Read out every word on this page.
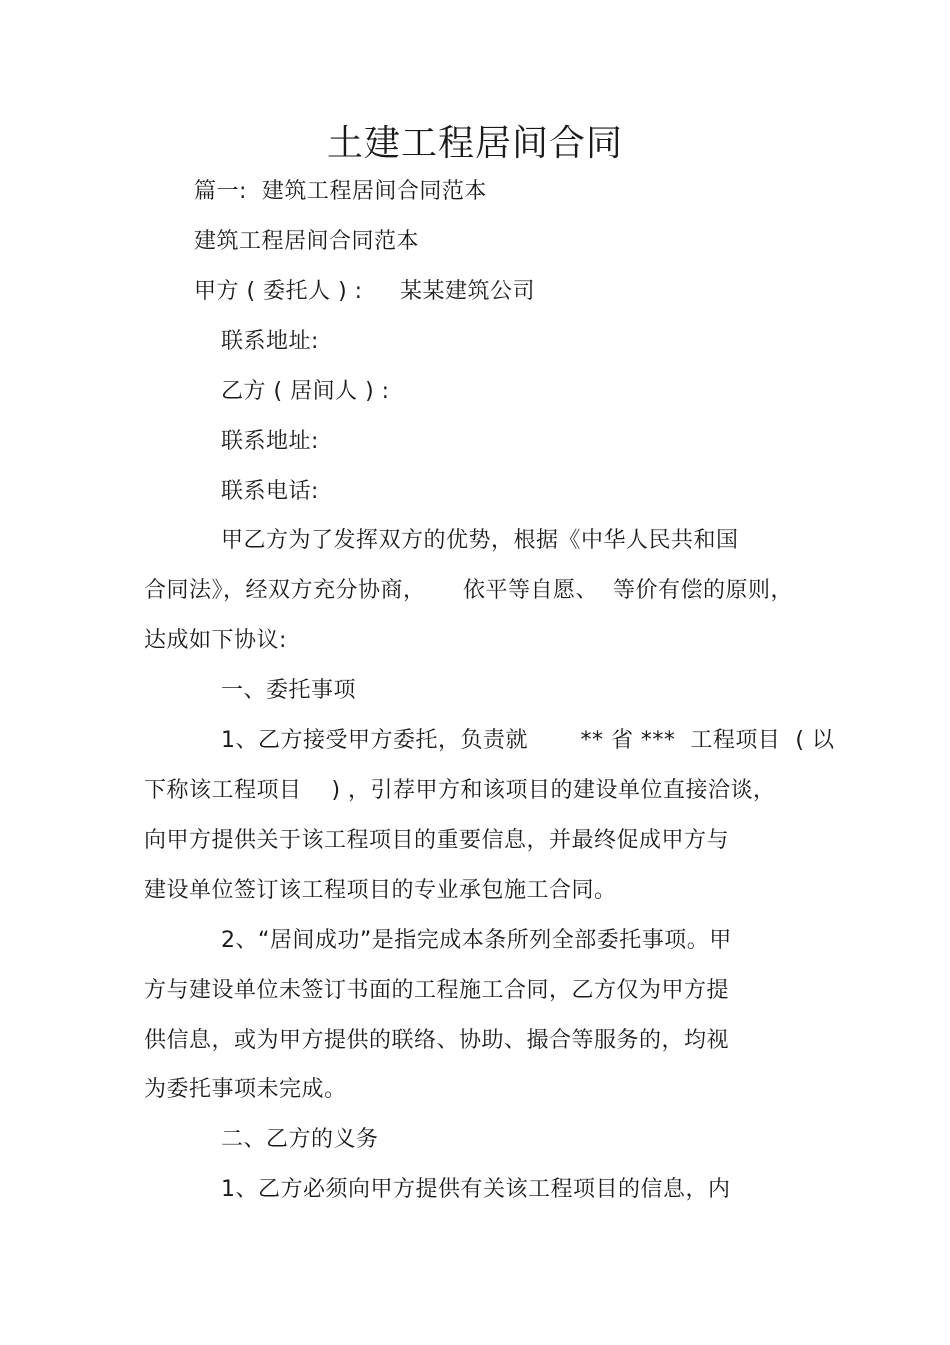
土建工程居间合同
篇一:  建筑工程居间合同范本
建筑工程居间合同范本
甲方 ( 委托人 ) :     某某建筑公司
联系地址:
乙方 ( 居间人 ) :
联系地址:
联系电话:
甲乙方为了发挥双方的优势，根据《中华人民共和国
合同法》，经双方充分协商，     依平等自愿、  等价有偿的原则，
达成如下协议:
一、委托事项
1、乙方接受甲方委托，负责就       ** 省 ***  工程项目  ( 以
下称该工程项目    ) ，引荐甲方和该项目的建设单位直接洽谈，
向甲方提供关于该工程项目的重要信息，并最终促成甲方与
建设单位签订该工程项目的专业承包施工合同。
2、“居间成功”是指完成本条所列全部委托事项。甲
方与建设单位未签订书面的工程施工合同，乙方仅为甲方提
供信息，或为甲方提供的联络、协助、撮合等服务的，均视
为委托事项未完成。
二、乙方的义务
1、乙方必须向甲方提供有关该工程项目的信息，内
